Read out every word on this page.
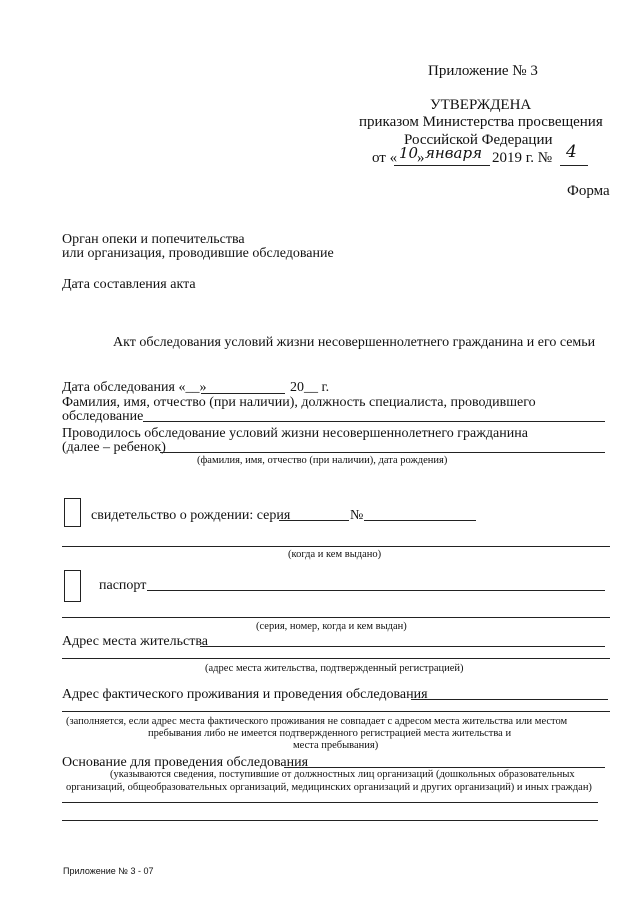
Приложение № 3
УТВЕРЖДЕНА
приказом Министерства просвещения
Российской Федерации
от « 10
» января 2019 г. № 4
Форма
Орган опеки и попечительства
или организация, проводившие обследование
Дата составления акта
Акт обследования условий жизни несовершеннолетнего гражданина и его семьи
Дата обследования «__»	20__ г.
Фамилия, имя, отчество (при наличии), должность специалиста, проводившего
обследование
Проводилось обследование условий жизни несовершеннолетнего гражданина
(далее – ребенок)
(фамилия, имя, отчество (при наличии), дата рождения)
свидетельство о рождении: серия	№
(когда и кем выдано)
паспорт
(серия, номер, когда и кем выдан)
Адрес места жительства
(адрес места жительства, подтвержденный регистрацией)
Адрес фактического проживания и проведения обследования
(заполняется, если адрес места фактического проживания не совпадает с адресом места жительства или местом
пребывания либо не имеется подтвержденного регистрацией места жительства и
места пребывания)
Основание для проведения обследования
(указываются сведения, поступившие от должностных лиц организаций (дошкольных образовательных
организаций, общеобразовательных организаций, медицинских организаций и других организаций) и иных граждан)
Приложение № 3 - 07
